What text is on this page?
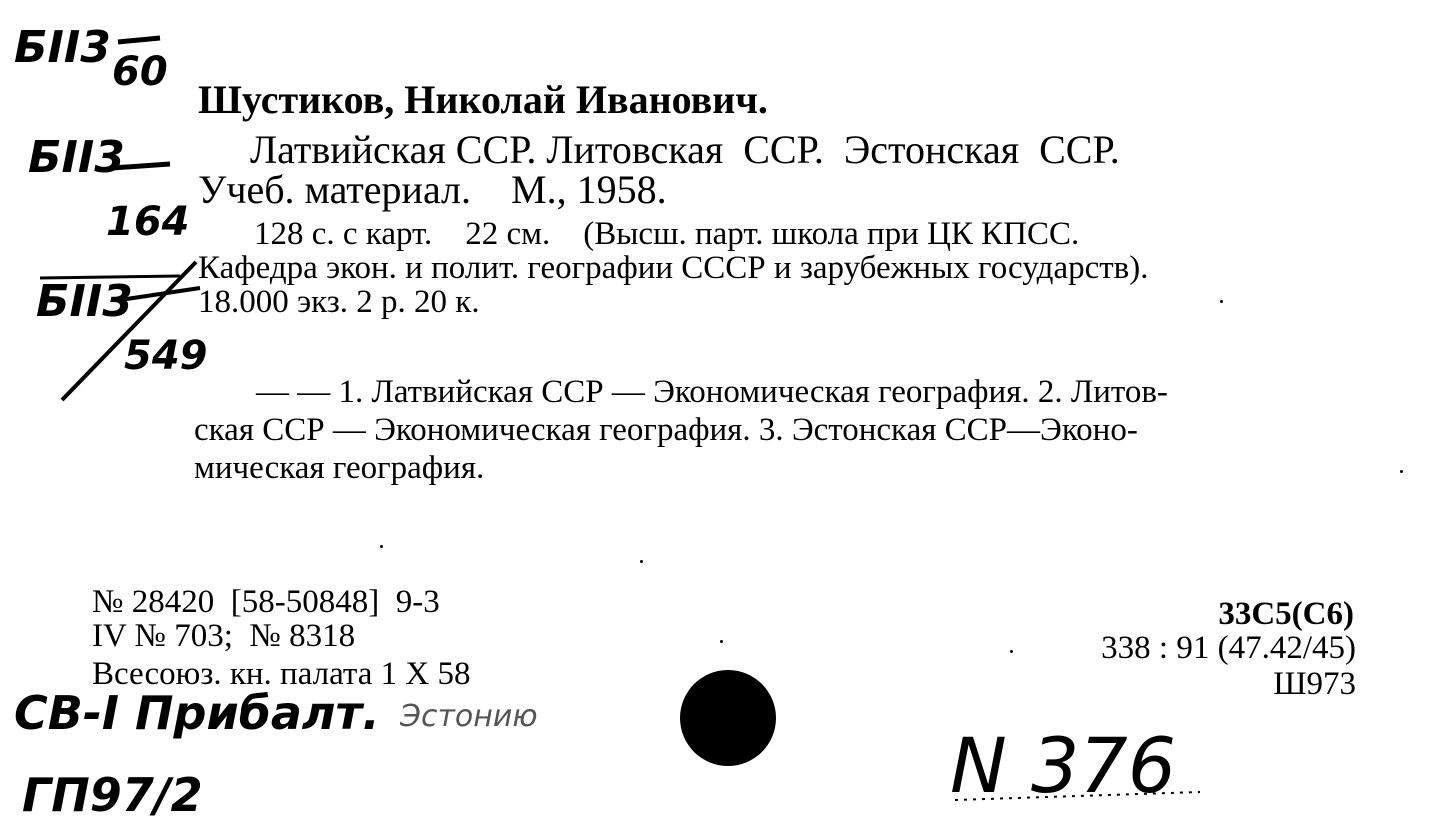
БII3 60
БII3
164
БII3
549
Шустиков, Николай Иванович.
Латвийская ССР. Литовская  ССР.  Эстонская  ССР.
Учеб. материал.    М., 1958.
128 с. с карт.    22 см.    (Высш. парт. школа при ЦК КПСС.
Кафедра экон. и полит. географии СССР и зарубежных государств).
18.000 экз. 2 р. 20 к.
— — 1. Латвийская ССР — Экономическая география. 2. Литов-
ская ССР — Экономическая география. 3. Эстонская ССР—Эконо-
мическая география.
№ 28420  [58-50848]  9-3
IV № 703;  № 8318
Всесоюз. кн. палата 1 X 58
33С5(С6)
338 : 91 (47.42/45)
Ш973
СВ-I Прибалт. Эстонию
ГП97/2	N 376
